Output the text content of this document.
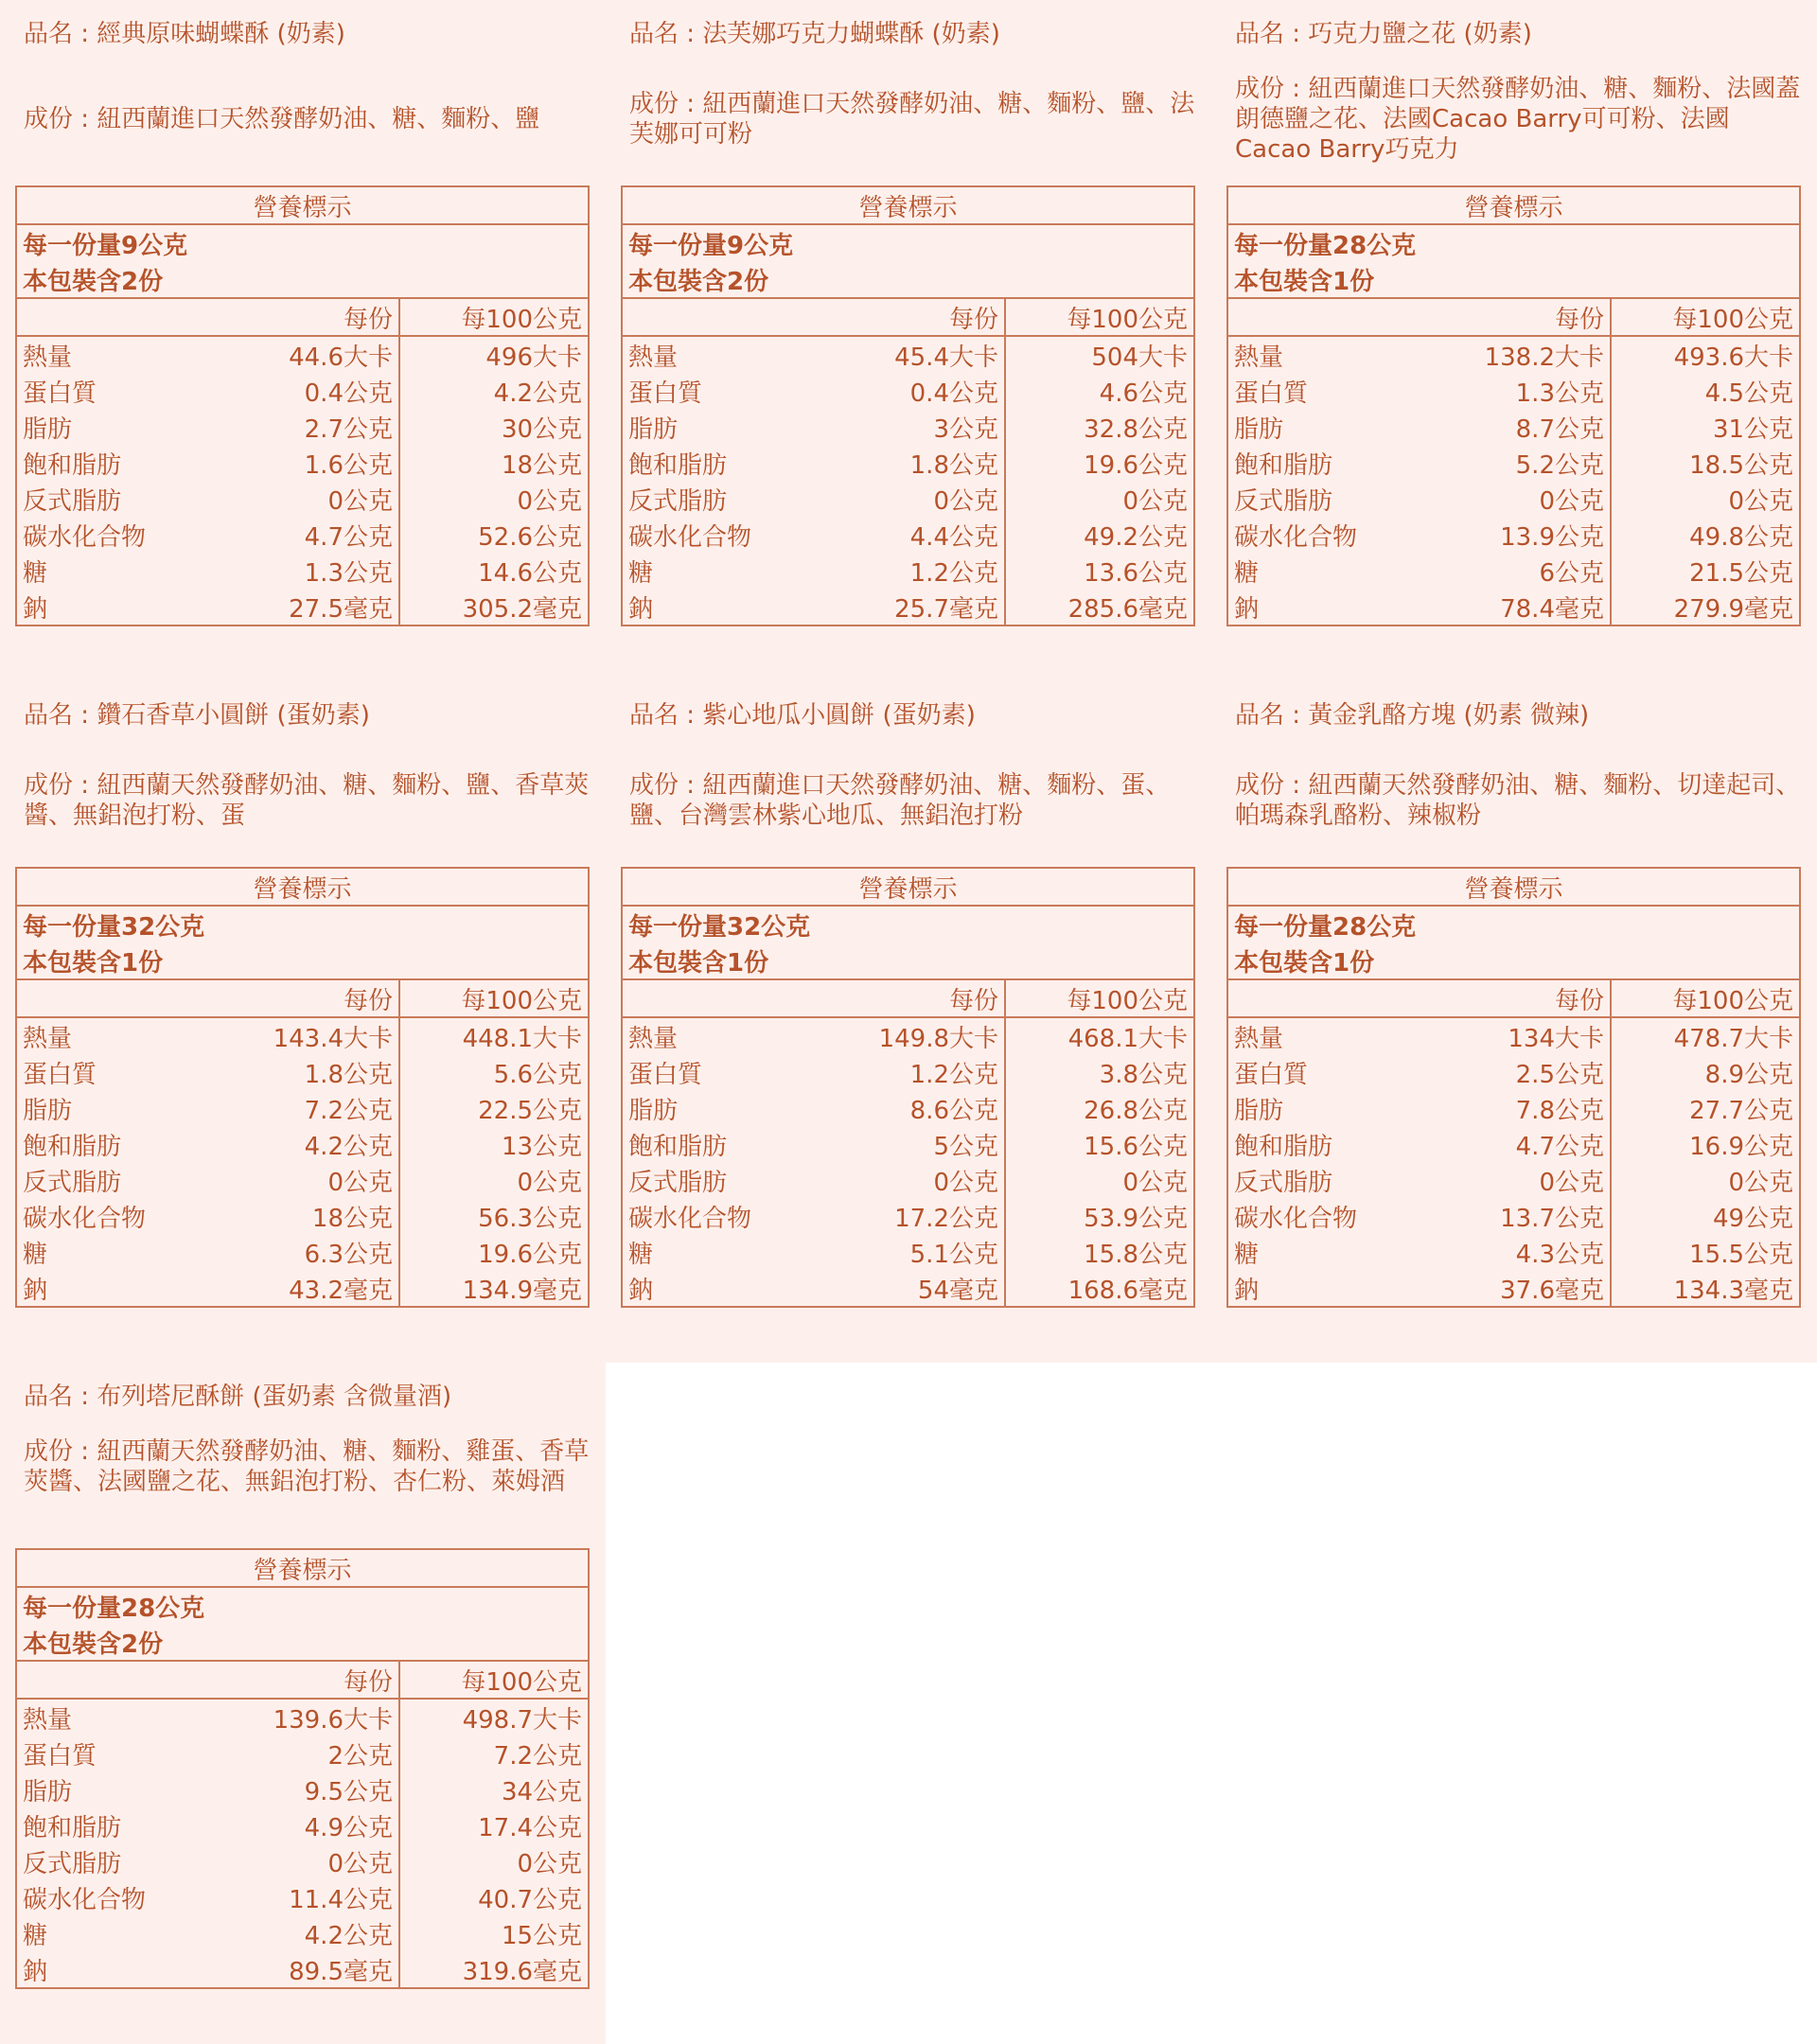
品名 : 經典原味蝴蝶酥 (奶素)
成份 : 紐西蘭進口天然發酵奶油、糖、麵粉、鹽
營養標示		
每一份量9公克		
本包裝含2份		
	每份	每100公克
熱量	44.6大卡	496大卡
蛋白質	0.4公克	4.2公克
脂肪	2.7公克	30公克
飽和脂肪	1.6公克	18公克
反式脂肪	0公克	0公克
碳水化合物	4.7公克	52.6公克
糖	1.3公克	14.6公克
鈉	27.5毫克	305.2毫克
品名 : 法芙娜巧克力蝴蝶酥 (奶素)
成份 : 紐西蘭進口天然發酵奶油、糖、麵粉、鹽、法芙娜可可粉
營養標示		
每一份量9公克		
本包裝含2份		
	每份	每100公克
熱量	45.4大卡	504大卡
蛋白質	0.4公克	4.6公克
脂肪	3公克	32.8公克
飽和脂肪	1.8公克	19.6公克
反式脂肪	0公克	0公克
碳水化合物	4.4公克	49.2公克
糖	1.2公克	13.6公克
鈉	25.7毫克	285.6毫克
品名 : 巧克力鹽之花 (奶素)
成份 : 紐西蘭進口天然發酵奶油、糖、麵粉、法國蓋朗德鹽之花、法國Cacao Barry可可粉、法國Cacao Barry巧克力
營養標示		
每一份量28公克		
本包裝含1份		
	每份	每100公克
熱量	138.2大卡	493.6大卡
蛋白質	1.3公克	4.5公克
脂肪	8.7公克	31公克
飽和脂肪	5.2公克	18.5公克
反式脂肪	0公克	0公克
碳水化合物	13.9公克	49.8公克
糖	6公克	21.5公克
鈉	78.4毫克	279.9毫克
品名 : 鑽石香草小圓餅 (蛋奶素)
成份 : 紐西蘭天然發酵奶油、糖、麵粉、鹽、香草莢醬、無鋁泡打粉、蛋
營養標示		
每一份量32公克		
本包裝含1份		
	每份	每100公克
熱量	143.4大卡	448.1大卡
蛋白質	1.8公克	5.6公克
脂肪	7.2公克	22.5公克
飽和脂肪	4.2公克	13公克
反式脂肪	0公克	0公克
碳水化合物	18公克	56.3公克
糖	6.3公克	19.6公克
鈉	43.2毫克	134.9毫克
品名 : 紫心地瓜小圓餅 (蛋奶素)
成份 : 紐西蘭進口天然發酵奶油、糖、麵粉、蛋、鹽、台灣雲林紫心地瓜、無鋁泡打粉
營養標示		
每一份量32公克		
本包裝含1份		
	每份	每100公克
熱量	149.8大卡	468.1大卡
蛋白質	1.2公克	3.8公克
脂肪	8.6公克	26.8公克
飽和脂肪	5公克	15.6公克
反式脂肪	0公克	0公克
碳水化合物	17.2公克	53.9公克
糖	5.1公克	15.8公克
鈉	54毫克	168.6毫克
品名 : 黃金乳酪方塊 (奶素 微辣)
成份 : 紐西蘭天然發酵奶油、糖、麵粉、切達起司、帕瑪森乳酪粉、辣椒粉
營養標示		
每一份量28公克		
本包裝含1份		
	每份	每100公克
熱量	134大卡	478.7大卡
蛋白質	2.5公克	8.9公克
脂肪	7.8公克	27.7公克
飽和脂肪	4.7公克	16.9公克
反式脂肪	0公克	0公克
碳水化合物	13.7公克	49公克
糖	4.3公克	15.5公克
鈉	37.6毫克	134.3毫克
品名 : 布列塔尼酥餅 (蛋奶素 含微量酒)
成份 : 紐西蘭天然發酵奶油、糖、麵粉、雞蛋、香草莢醬、法國鹽之花、無鋁泡打粉、杏仁粉、萊姆酒
營養標示		
每一份量28公克		
本包裝含2份		
	每份	每100公克
熱量	139.6大卡	498.7大卡
蛋白質	2公克	7.2公克
脂肪	9.5公克	34公克
飽和脂肪	4.9公克	17.4公克
反式脂肪	0公克	0公克
碳水化合物	11.4公克	40.7公克
糖	4.2公克	15公克
鈉	89.5毫克	319.6毫克
